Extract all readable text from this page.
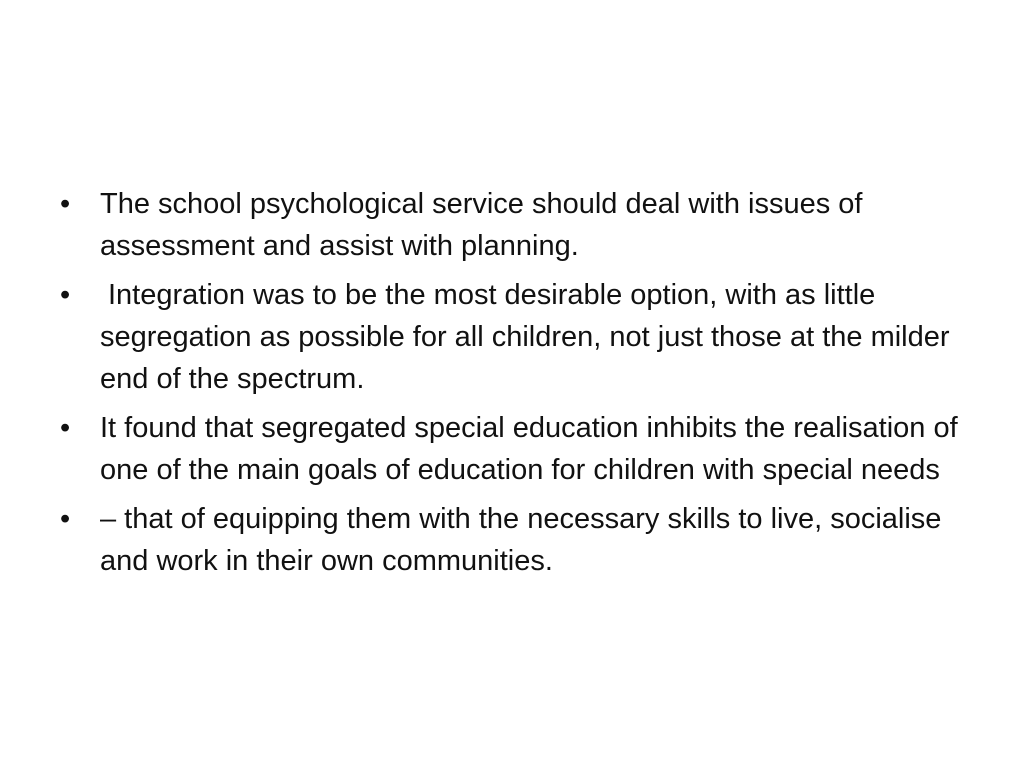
•	The school psychological service should deal with issues of assessment and assist with planning.
•	Integration was to be the most desirable option, with as little segregation as possible for all children, not just those at the milder end of the spectrum.
•	It found that segregated special education inhibits the realisation of one of the main goals of education for children with special needs
•	– that of equipping them with the necessary skills to live, socialise and work in their own communities.
